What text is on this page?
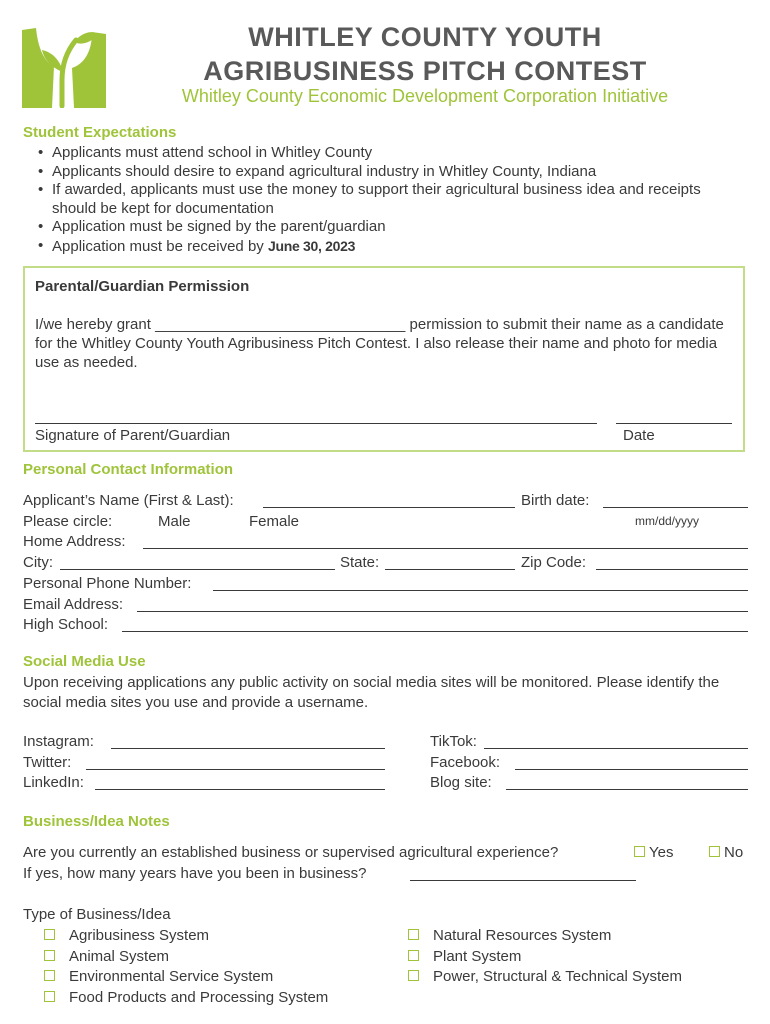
WHITLEY COUNTY YOUTH
AGRIBUSINESS PITCH CONTEST
Whitley County Economic Development Corporation Initiative
Student Expectations
• Applicants must attend school in Whitley County
• Applicants should desire to expand agricultural industry in Whitley County, Indiana
• If awarded, applicants must use the money to support their agricultural business idea and receipts should be kept for documentation
• Application must be signed by the parent/guardian
• Application must be received by June 30, 2023
Parental/Guardian Permission
I/we hereby grant ______________________________ permission to submit their name as a candidate for the Whitley County Youth Agribusiness Pitch Contest. I also release their name and photo for media use as needed.
Signature of Parent/Guardian	Date
Personal Contact Information
Applicant’s Name (First & Last):	Birth date:
Please circle:	Male	Female	mm/dd/yyyy
Home Address:
City:	State:	Zip Code:
Personal Phone Number:
Email Address:
High School:
Social Media Use
Upon receiving applications any public activity on social media sites will be monitored. Please identify the social media sites you use and provide a username.
Instagram:	TikTok:
Twitter:	Facebook:
LinkedIn:	Blog site:
Business/Idea Notes
Are you currently an established business or supervised agricultural experience?	Yes	No
If yes, how many years have you been in business?
Type of Business/Idea
Agribusiness System
Animal System
Environmental Service System
Food Products and Processing System
Natural Resources System
Plant System
Power, Structural & Technical System
